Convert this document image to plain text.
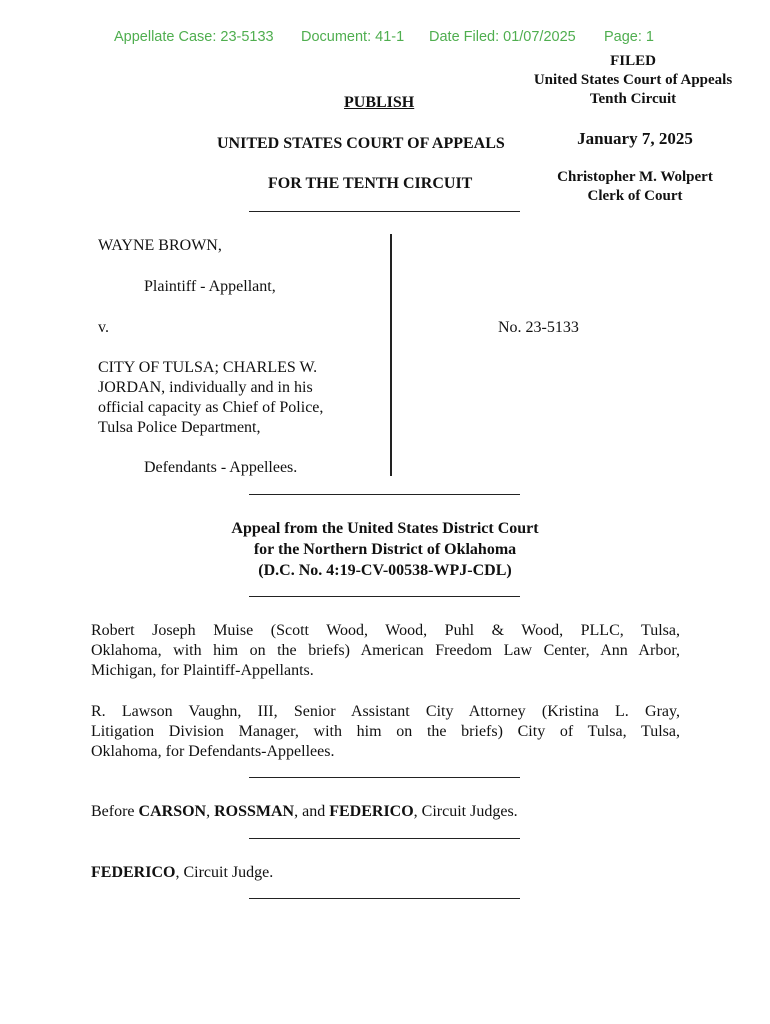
Appellate Case: 23-5133 Document: 41-1 Date Filed: 01/07/2025 Page: 1
FILED
United States Court of Appeals
Tenth Circuit
January 7, 2025
Christopher M. Wolpert
Clerk of Court
PUBLISH
UNITED STATES COURT OF APPEALS
FOR THE TENTH CIRCUIT
WAYNE BROWN,
Plaintiff - Appellant,
v.
CITY OF TULSA; CHARLES W.
JORDAN, individually and in his
official capacity as Chief of Police,
Tulsa Police Department,
Defendants - Appellees.
No. 23-5133
Appeal from the United States District Court
for the Northern District of Oklahoma
(D.C. No. 4:19-CV-00538-WPJ-CDL)
Robert Joseph Muise (Scott Wood, Wood, Puhl & Wood, PLLC, Tulsa,
Oklahoma, with him on the briefs) American Freedom Law Center, Ann Arbor,
Michigan, for Plaintiff-Appellants.
R. Lawson Vaughn, III, Senior Assistant City Attorney (Kristina L. Gray,
Litigation Division Manager, with him on the briefs) City of Tulsa, Tulsa,
Oklahoma, for Defendants-Appellees.
Before CARSON, ROSSMAN, and FEDERICO, Circuit Judges.
FEDERICO, Circuit Judge.
